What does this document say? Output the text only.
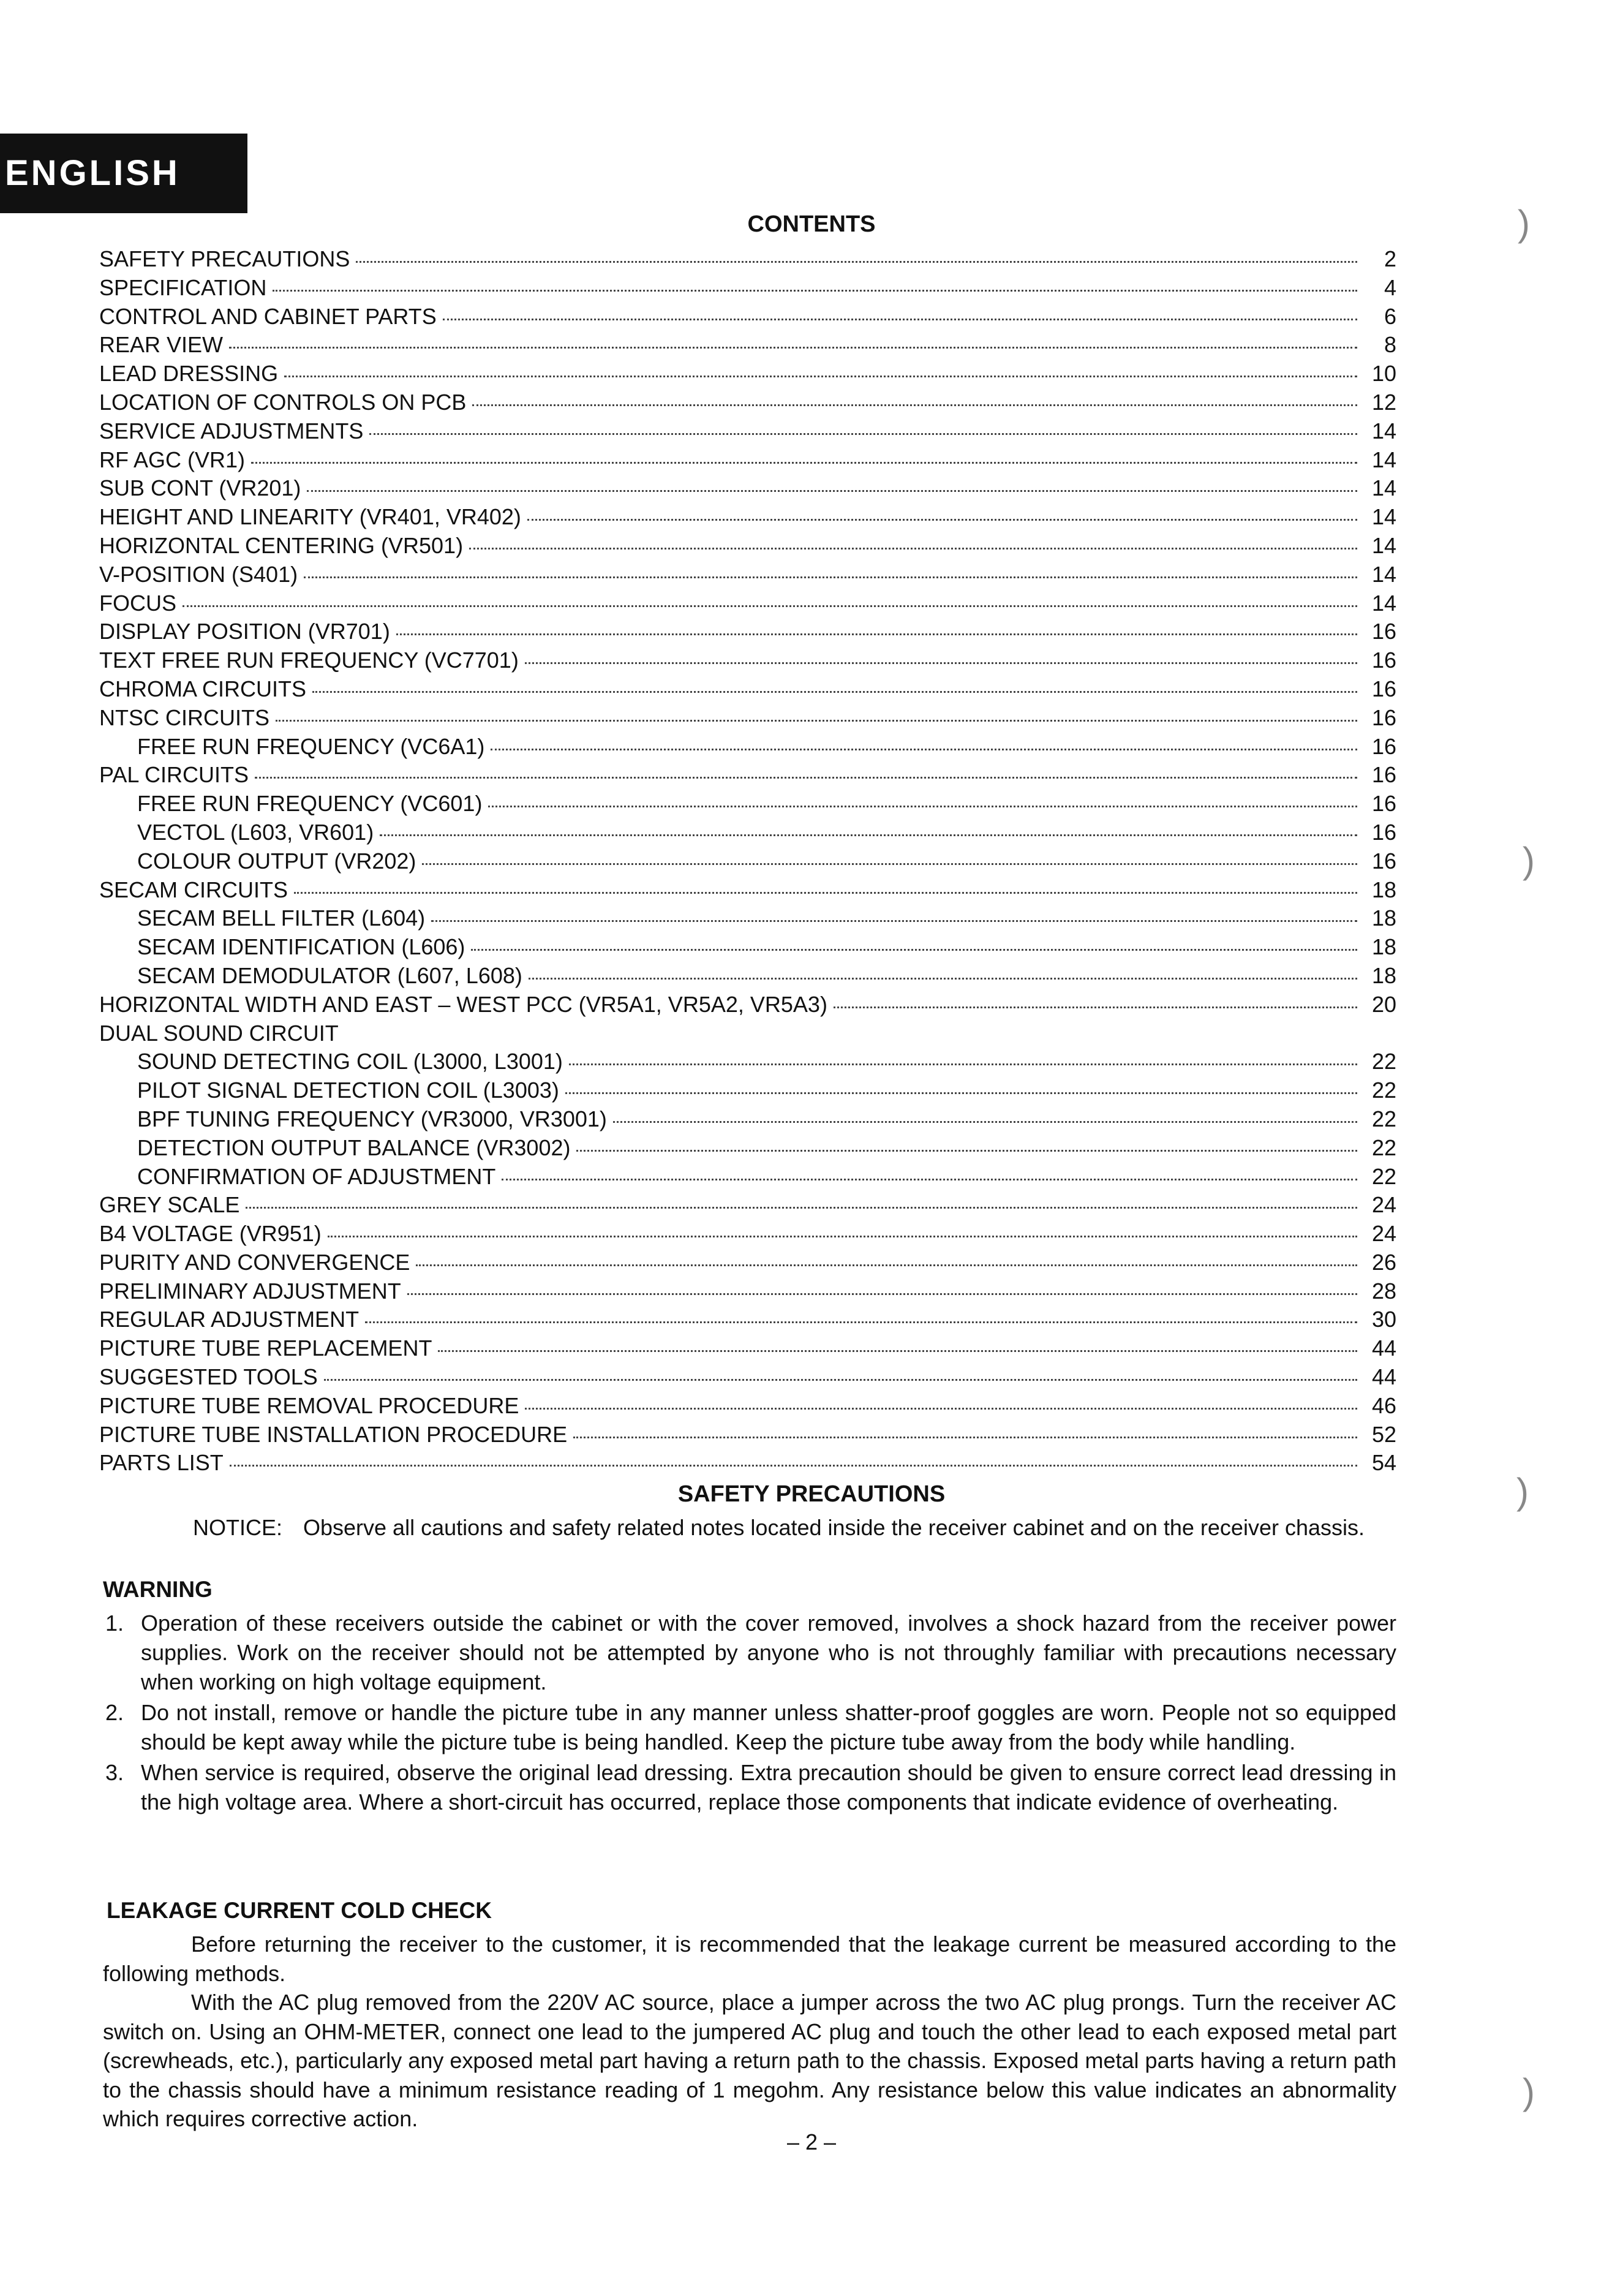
ENGLISH
CONTENTS
SAFETY PRECAUTIONS	2
SPECIFICATION	4
CONTROL AND CABINET PARTS	6
REAR VIEW	8
LEAD DRESSING	10
LOCATION OF CONTROLS ON PCB	12
SERVICE ADJUSTMENTS	14
RF AGC (VR1)	14
SUB CONT (VR201)	14
HEIGHT AND LINEARITY (VR401, VR402)	14
HORIZONTAL CENTERING (VR501)	14
V-POSITION (S401)	14
FOCUS	14
DISPLAY POSITION (VR701)	16
TEXT FREE RUN FREQUENCY (VC7701)	16
CHROMA CIRCUITS	16
NTSC CIRCUITS	16
FREE RUN FREQUENCY (VC6A1)	16
PAL CIRCUITS	16
FREE RUN FREQUENCY (VC601)	16
VECTOL (L603, VR601)	16
COLOUR OUTPUT (VR202)	16
SECAM CIRCUITS	18
SECAM BELL FILTER (L604)	18
SECAM IDENTIFICATION (L606)	18
SECAM DEMODULATOR (L607, L608)	18
HORIZONTAL WIDTH AND EAST – WEST PCC (VR5A1, VR5A2, VR5A3)	20
DUAL SOUND CIRCUIT
SOUND DETECTING COIL (L3000, L3001)	22
PILOT SIGNAL DETECTION COIL (L3003)	22
BPF TUNING FREQUENCY (VR3000, VR3001)	22
DETECTION OUTPUT BALANCE (VR3002)	22
CONFIRMATION OF ADJUSTMENT	22
GREY SCALE	24
B4 VOLTAGE (VR951)	24
PURITY AND CONVERGENCE	26
PRELIMINARY ADJUSTMENT	28
REGULAR ADJUSTMENT	30
PICTURE TUBE REPLACEMENT	44
SUGGESTED TOOLS	44
PICTURE TUBE REMOVAL PROCEDURE	46
PICTURE TUBE INSTALLATION PROCEDURE	52
PARTS LIST	54
SAFETY PRECAUTIONS
NOTICE: Observe all cautions and safety related notes located inside the receiver cabinet and on the receiver chassis.
WARNING
1. Operation of these receivers outside the cabinet or with the cover removed, involves a shock hazard from the receiver power supplies. Work on the receiver should not be attempted by anyone who is not throughly familiar with precautions necessary when working on high voltage equipment.
2. Do not install, remove or handle the picture tube in any manner unless shatter-proof goggles are worn. People not so equipped should be kept away while the picture tube is being handled. Keep the picture tube away from the body while handling.
3. When service is required, observe the original lead dressing. Extra precaution should be given to ensure correct lead dressing in the high voltage area. Where a short-circuit has occurred, replace those components that indicate evidence of overheating.
LEAKAGE CURRENT COLD CHECK

Before returning the receiver to the customer, it is recommended that the leakage current be measured according to the following methods.

With the AC plug removed from the 220V AC source, place a jumper across the two AC plug prongs. Turn the receiver AC switch on. Using an OHM-METER, connect one lead to the jumpered AC plug and touch the other lead to each exposed metal part (screwheads, etc.), particularly any exposed metal part having a return path to the chassis. Exposed metal parts having a return path to the chassis should have a minimum resistance reading of 1 megohm. Any resistance below this value indicates an abnormality which requires corrective action.

– 2 –
)
)
)
)
